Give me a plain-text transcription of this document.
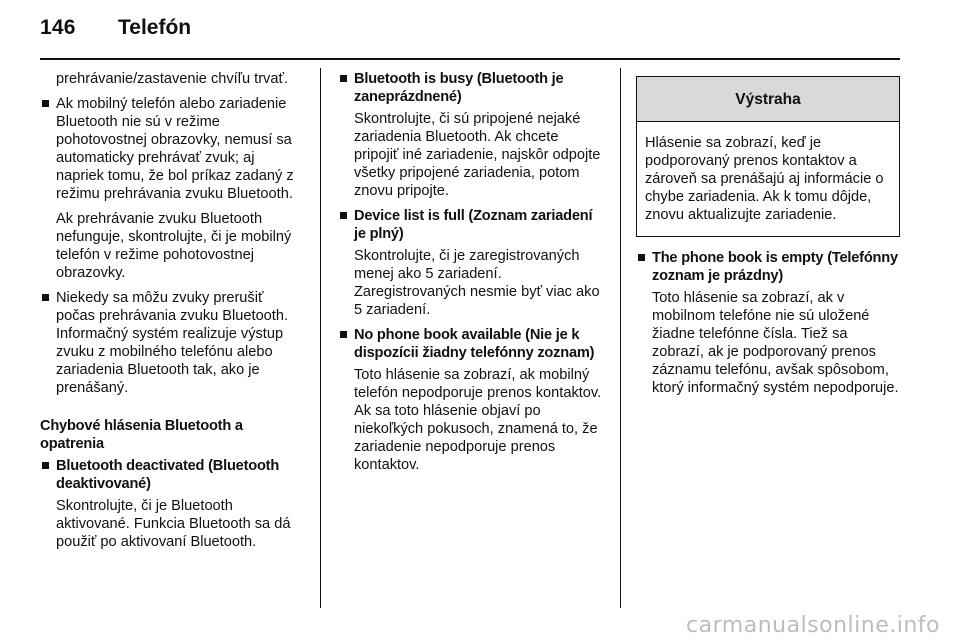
146 Telefón

prehrávanie/zastavenie chvíľu trvať.

Ak mobilný telefón alebo zariadenie Bluetooth nie sú v režime pohotovostnej obrazovky, nemusí sa automaticky prehrávať zvuk; aj napriek tomu, že bol príkaz zadaný z režimu prehrávania zvuku Bluetooth.

Ak prehrávanie zvuku Bluetooth nefunguje, skontrolujte, či je mobilný telefón v režime pohotovostnej obrazovky.

Niekedy sa môžu zvuky prerušiť počas prehrávania zvuku Bluetooth. Informačný systém realizuje výstup zvuku z mobilného telefónu alebo zariadenia Bluetooth tak, ako je prenášaný.
Chybové hlásenia Bluetooth a opatrenia
Bluetooth deactivated (Bluetooth deaktivované)

Skontrolujte, či je Bluetooth aktivované. Funkcia Bluetooth sa dá použiť po aktivovaní Bluetooth.

Bluetooth is busy (Bluetooth je zaneprázdnené)

Skontrolujte, či sú pripojené nejaké zariadenia Bluetooth. Ak chcete pripojiť iné zariadenie, najskôr odpojte všetky pripojené zariadenia, potom znovu pripojte.

Device list is full (Zoznam zariadení je plný)

Skontrolujte, či je zaregistrovaných menej ako 5 zariadení. Zaregistrovaných nesmie byť viac ako 5 zariadení.

No phone book available (Nie je k dispozícii žiadny telefónny zoznam)

Toto hlásenie sa zobrazí, ak mobilný telefón nepodporuje prenos kontaktov. Ak sa toto hlásenie objaví po niekoľkých pokusoch, znamená to, že zariadenie nepodporuje prenos kontaktov.

Výstraha
Hlásenie sa zobrazí, keď je podporovaný prenos kontaktov a zároveň sa prenášajú aj informácie o chybe zariadenia. Ak k tomu dôjde, znovu aktualizujte zariadenie.
The phone book is empty (Telefónny zoznam je prázdny)

Toto hlásenie sa zobrazí, ak v mobilnom telefóne nie sú uložené žiadne telefónne čísla. Tiež sa zobrazí, ak je podporovaný prenos záznamu telefónu, avšak spôsobom, ktorý informačný systém nepodporuje.

carmanualsonline.info
